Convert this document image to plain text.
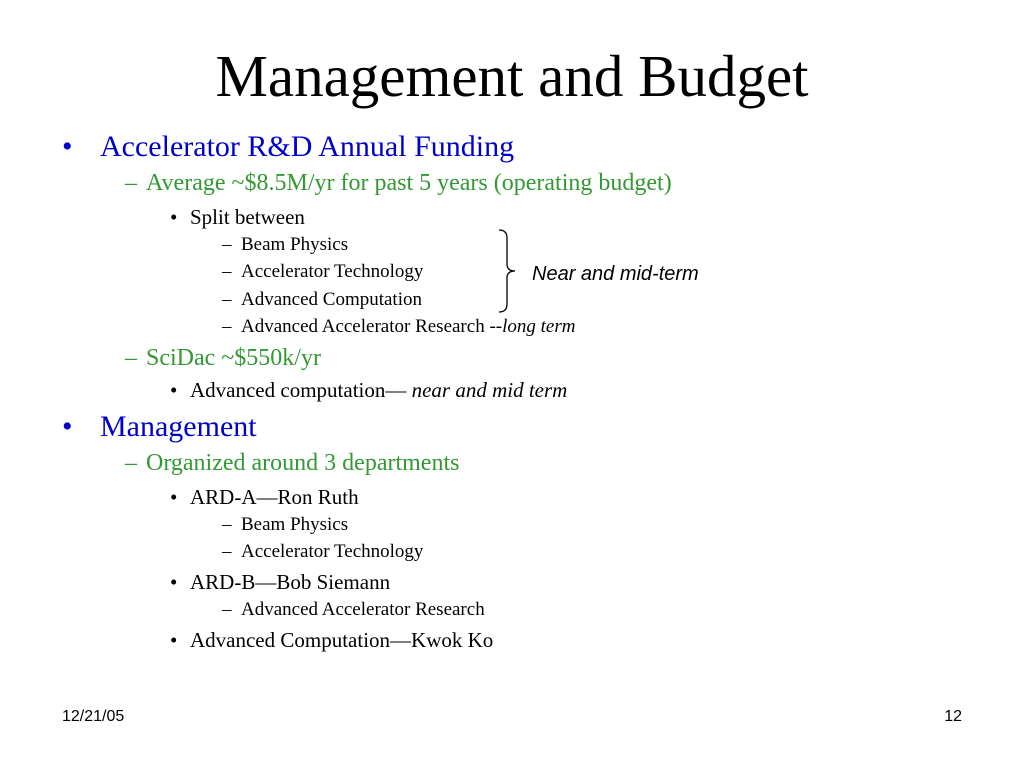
Management and Budget
• Accelerator R&D Annual Funding
– Average ~$8.5M/yr for past 5 years (operating budget)
• Split between
– Beam Physics
– Accelerator Technology
– Advanced Computation
– Advanced Accelerator Research --long term
Near and mid-term
– SciDac ~$550k/yr
• Advanced computation— near and mid term
• Management
– Organized around 3 departments
• ARD-A—Ron Ruth
– Beam Physics
– Accelerator Technology
• ARD-B—Bob Siemann
– Advanced Accelerator Research
• Advanced Computation—Kwok Ko
12/21/05	12
